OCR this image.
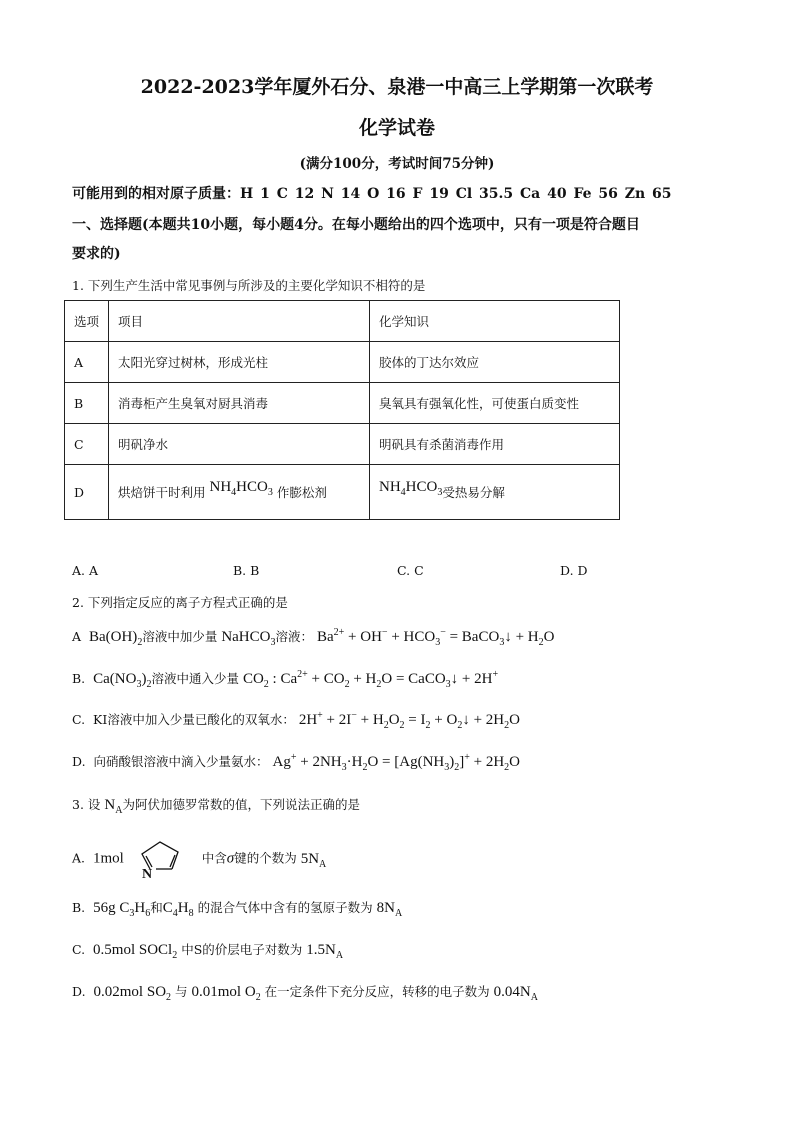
2022-2023学年厦外石分、泉港一中高三上学期第一次联考
化学试卷
(满分100分，考试时间75分钟)
可能用到的相对原子质量：H 1 C 12 N 14 O 16 F 19 Cl 35.5 Ca 40 Fe 56 Zn 65
一、选择题(本题共10小题，每小题4分。在每小题给出的四个选项中，只有一项是符合题目
要求的)
1. 下列生产生活中常见事例与所涉及的主要化学知识不相符的是
选项	项目	化学知识
A	太阳光穿过树林，形成光柱	胶体的丁达尔效应
B	消毒柜产生臭氧对厨具消毒	臭氧具有强氧化性，可使蛋白质变性
C	明矾净水	明矾具有杀菌消毒作用
D	烘焙饼干时利用 $NH_4HCO_3$ 作膨松剂	$NH_4HCO_3$受热易分解
A. A	B. B	C. C	D. D
2. 下列指定反应的离子方程式正确的是
A $Ba(OH)_2$溶液中加少量 NaHCO$_3$溶液： $Ba^{2+} + OH^- + HCO_3^-$ = BaCO$_3$↓ + $H_2O$
B. $Ca(NO_3)_2$溶液中通入少量 $CO_2$ : $Ca^{2+} + CO_2 + H_2O$ = CaCO$_3$↓ + 2H+
C. KI溶液中加入少量已酸化的双氧水： $2H^+ + 2I^- + H_2O_2 = I_2$ + $O_2↓ + 2H_2O$
D. 向硝酸银溶液中滴入少量氨水： $Ag^+ + 2NH_3\cdot H_2O = [Ag(NH_3)_2]^+ + 2H_2O$
3. 设 $N_A$为阿伏加德罗常数的值，下列说法正确的是
A. 1mol
N
中含σ键的个数为 $5N_A$
B. 56g $C_3H_6$和$C_4H_8$ 的混合气体中含有的氢原子数为 $8N_A$
C. 0.5mol SOCl$_2$ 中S的价层电子对数为 $1.5N_A$
D. 0.02mol $SO_2$ 与 0.01mol $O_2$ 在一定条件下充分反应，转移的电子数为 $0.04N_A$
